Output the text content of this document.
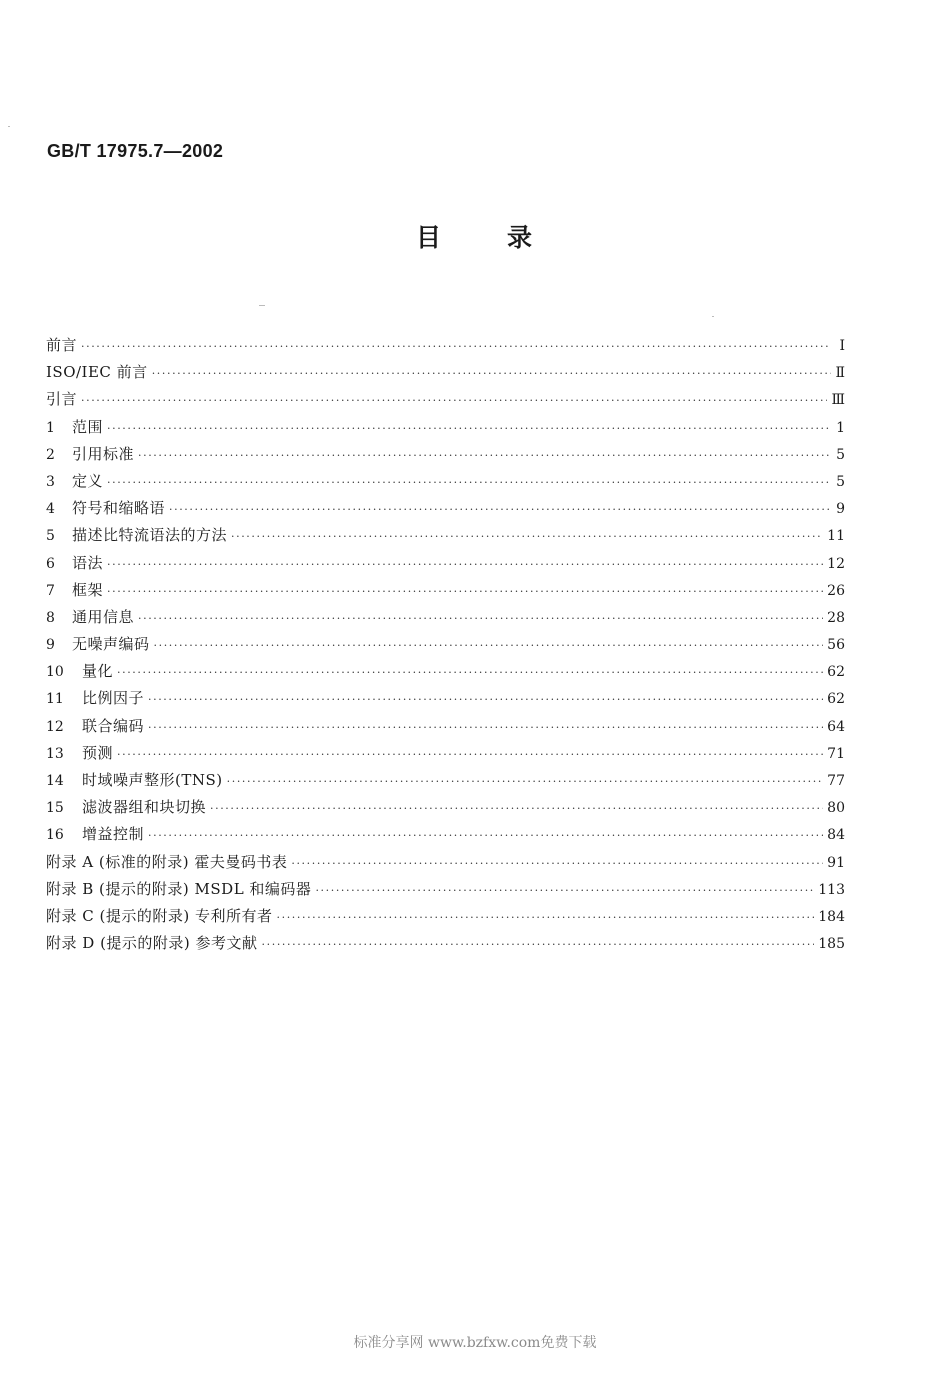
GB/T 17975.7—2002
目	录
前言 ·····	Ⅰ
ISO/IEC 前言 ·····	Ⅱ
引言 ·····	Ⅲ
1	范围 ·····	1
2	引用标准 ·····	5
3	定义 ·····	5
4	符号和缩略语 ·····	9
5	描述比特流语法的方法 ·····	11
6	语法 ·····	12
7	框架 ·····	26
8	通用信息 ·····	28
9	无噪声编码 ·····	56
10	量化 ·····	62
11	比例因子 ·····	62
12	联合编码 ·····	64
13	预测 ·····	71
14	时域噪声整形(TNS) ·····	77
15	滤波器组和块切换 ·····	80
16	增益控制 ·····	84
附录 A (标准的附录) 霍夫曼码书表 ·····	91
附录 B (提示的附录) MSDL 和编码器 ·····	113
附录 C (提示的附录) 专利所有者 ·····	184
附录 D (提示的附录) 参考文献 ·····	185
标准分享网 www.bzfxw.com免费下载
